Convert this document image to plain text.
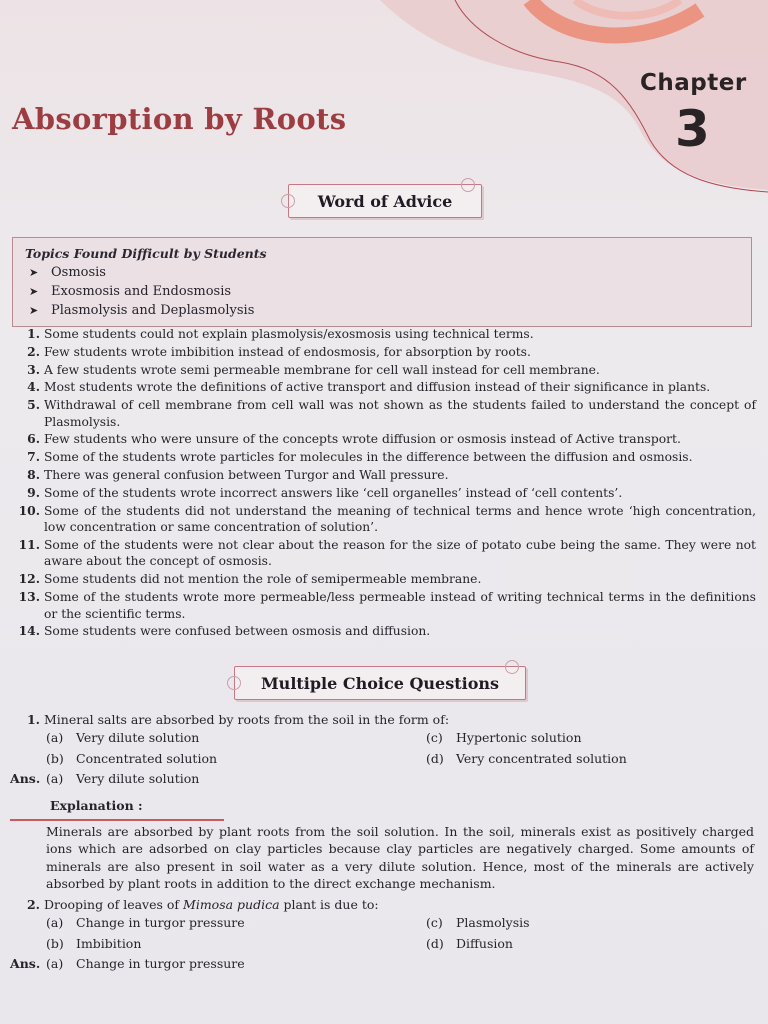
Chapter
3
Absorption by Roots
Word of Advice
Topics Found Difficult by Students
➤ Osmosis
➤ Exosmosis and Endosmosis
➤ Plasmolysis and Deplasmolysis
1. Some students could not explain plasmolysis/exosmosis using technical terms.
2. Few students wrote imbibition instead of endosmosis, for absorption by roots.
3. A few students wrote semi permeable membrane for cell wall instead for cell membrane.
4. Most students wrote the definitions of active transport and diffusion instead of their significance in plants.
5. Withdrawal of cell membrane from cell wall was not shown as the students failed to understand the concept of Plasmolysis.
6. Few students who were unsure of the concepts wrote diffusion or osmosis instead of Active transport.
7. Some of the students wrote particles for molecules in the difference between the diffusion and osmosis.
8. There was general confusion between Turgor and Wall pressure.
9. Some of the students wrote incorrect answers like ‘cell organelles’ instead of ‘cell contents’.
10. Some of the students did not understand the meaning of technical terms and hence wrote ‘high concentration, low concentration or same concentration of solution’.
11. Some of the students were not clear about the reason for the size of potato cube being the same. They were not aware about the concept of osmosis.
12. Some students did not mention the role of semipermeable membrane.
13. Some of the students wrote more permeable/less permeable instead of writing technical terms in the definitions or the scientific terms.
14. Some students were confused between osmosis and diffusion.
Multiple Choice Questions
1. Mineral salts are absorbed by roots from the soil in the form of:
(a)	Very dilute solution	(c)	Hypertonic solution
(b) Concentrated solution	(d) Very concentrated solution
Ans. (a)	Very dilute solution
Explanation :
Minerals are absorbed by plant roots from the soil solution. In the soil, minerals exist as positively charged ions which are adsorbed on clay particles because clay particles are negatively charged. Some amounts of minerals are also present in soil water as a very dilute solution. Hence, most of the minerals are actively absorbed by plant roots in addition to the direct exchange mechanism.
2. Drooping of leaves of Mimosa pudica plant is due to:
(a)	Change in turgor pressure	(c)	Plasmolysis
(b) Imbibition	(d) Diffusion
Ans. (a)	Change in turgor pressure
